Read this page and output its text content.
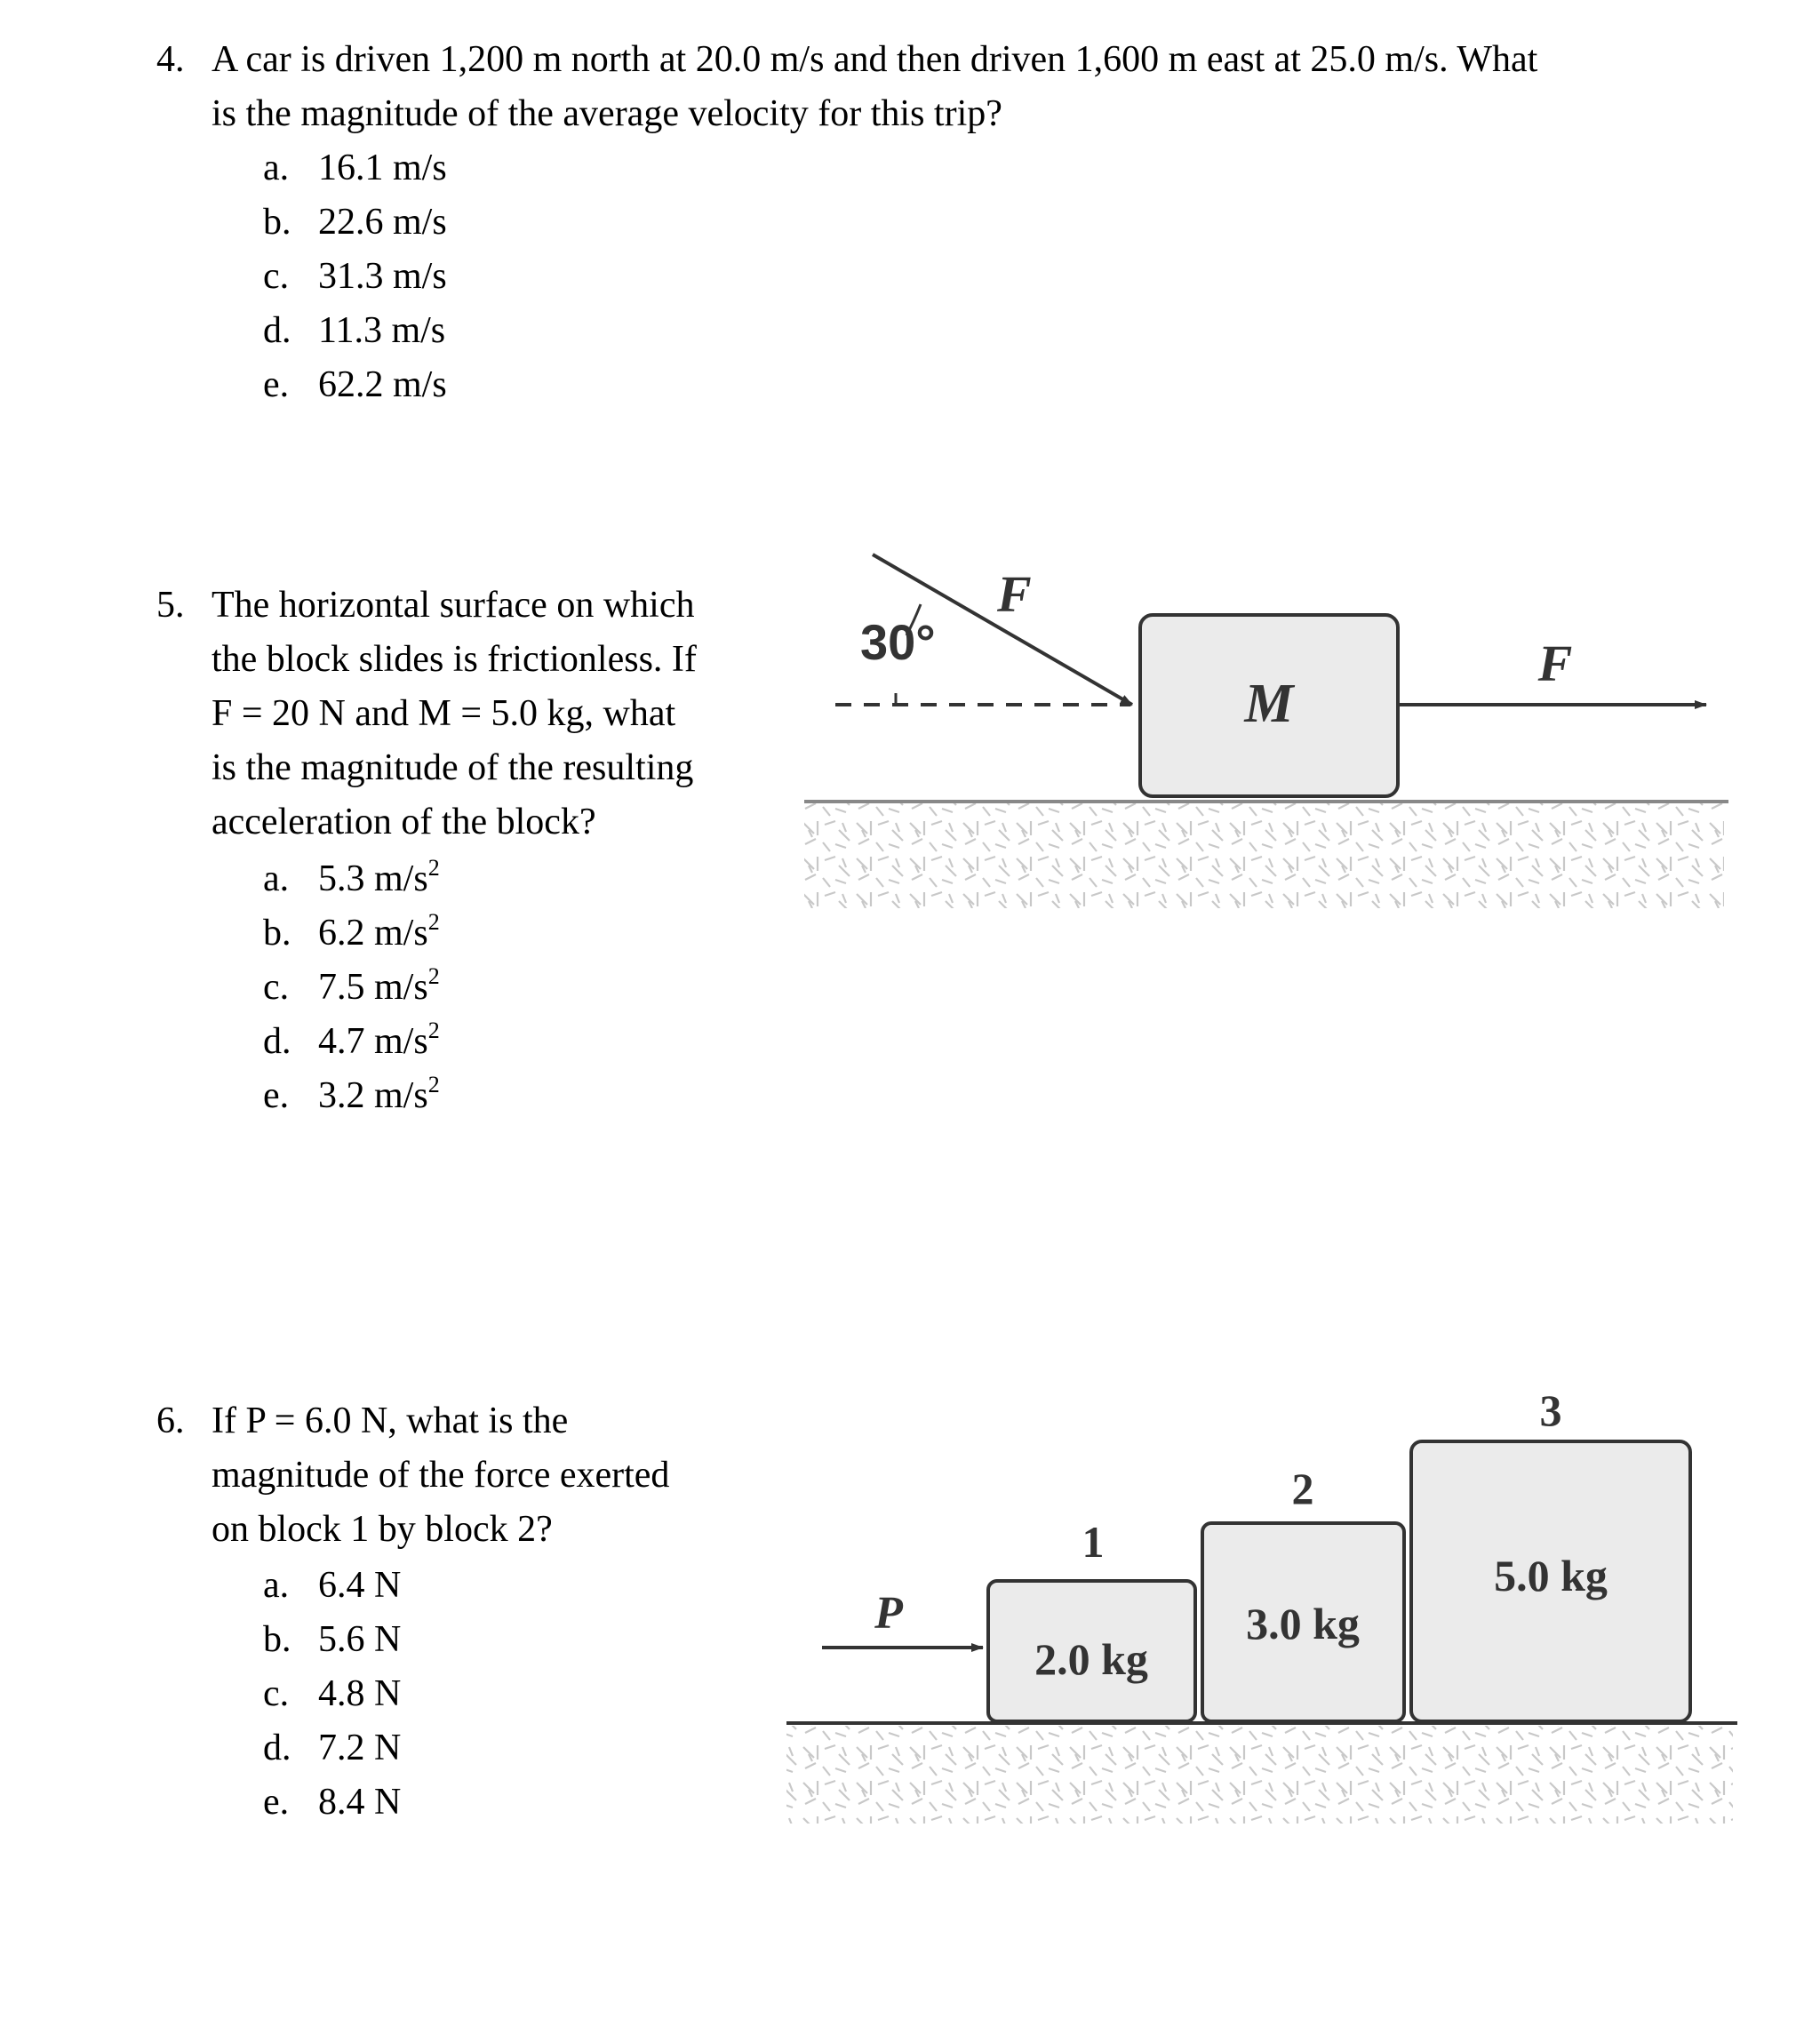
4. A car is driven 1,200 m north at 20.0 m/s and then driven 1,600 m east at 25.0 m/s. What
is the magnitude of the average velocity for this trip?
a. 16.1 m/s
b. 22.6 m/s
c. 31.3 m/s
d. 11.3 m/s
e. 62.2 m/s
5. The horizontal surface on which
the block slides is frictionless. If
F = 20 N and M = 5.0 kg, what
is the magnitude of the resulting
acceleration of the block?
a. 5.3 $m/s^2$
b. 6.2 $m/s^2$
c. 7.5 $m/s^2$
d. 4.7 $m/s^2$
e. 3.2 $m/s^2$
6. If P = 6.0 N, what is the
magnitude of the force exerted
on block 1 by block 2?
a. 6.4 N
b. 5.6 N
c. 4.8 N
d. 7.2 N
e. 8.4 N
30°
F
M
F
P
2.0 kg
1
3.0 kg
2
5.0 kg
3
